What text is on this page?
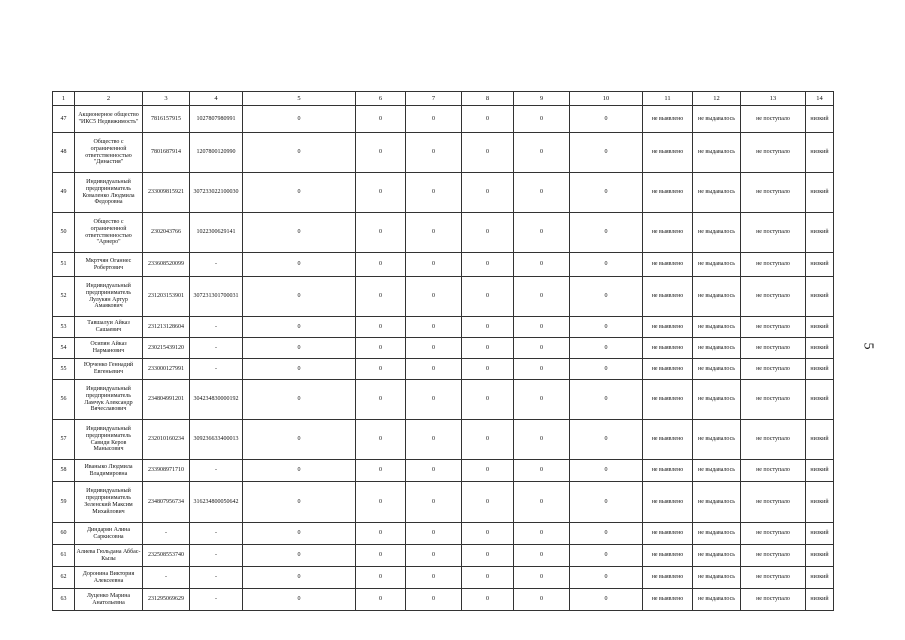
1	2	3	4	5	6	7	8	9	10	11	12	13	14
47	Акционерное общество "ИКС5 Недвижимость"	7816157915	1027807980991	0	0	0	0	0	0	не выявлено	не выдавалось	не поступало	низкий
48	Общество с ограниченной ответственностью "Династия"	7801687914	1207800120990	0	0	0	0	0	0	не выявлено	не выдавалось	не поступало	низкий
49	Индивидуальный предприниматель Коваленко Людмила Федоровна	233009815921	307233022100030	0	0	0	0	0	0	не выявлено	не выдавалось	не поступало	низкий
50	Общество с ограниченной ответственностью "Арнеро"	2302043766	1022300629141	0	0	0	0	0	0	не выявлено	не выдавалось	не поступало	низкий
51	Мкртчян Оганнес Робертович	233608520099	-	0	0	0	0	0	0	не выявлено	не выдавалось	не поступало	низкий
52	Индивидуальный предприниматель Лулукян Артур Амаякович	231203153901	307231301700031	0	0	0	0	0	0	не выявлено	не выдавалось	не поступало	низкий
53	Тавшалуи Айказ Сашаевич	231213128604	-	0	0	0	0	0	0	не выявлено	не выдавалось	не поступало	низкий
54	Осипян Айказ Нарманович	230215439120	-	0	0	0	0	0	0	не выявлено	не выдавалось	не поступало	низкий
55	Юрченко Геннадий Евгеньевич	233000127991	-	0	0	0	0	0	0	не выявлено	не выдавалось	не поступало	низкий
56	Индивидуальный предприниматель Ламчук Александр Вячеславович	234804991201	304234830000192	0	0	0	0	0	0	не выявлено	не выдавалось	не поступало	низкий
57	Индивидуальный предприниматель Савиди Керов Манысович	232010160234	309236633400013	0	0	0	0	0	0	не выявлено	не выдавалось	не поступало	низкий
58	Иваныко Людмила Владимировна	233908971710	-	0	0	0	0	0	0	не выявлено	не выдавалось	не поступало	низкий
59	Индивидуальный предприниматель Зеленский Максим Михайлович	234807956734	316234800050642	0	0	0	0	0	0	не выявлено	не выдавалось	не поступало	низкий
60	Диндарян Алина Саркисовна	-	-	0	0	0	0	0	0	не выявлено	не выдавалось	не поступало	низкий
61	Алиева Гюльдана Аббас-Кызы	232508553740	-	0	0	0	0	0	0	не выявлено	не выдавалось	не поступало	низкий
62	Доронина Виктория Алексеевна	-	-	0	0	0	0	0	0	не выявлено	не выдавалось	не поступало	низкий
63	Луценко Марина Анатольевна	231295069629	-	0	0	0	0	0	0	не выявлено	не выдавалось	не поступало	низкий
5
